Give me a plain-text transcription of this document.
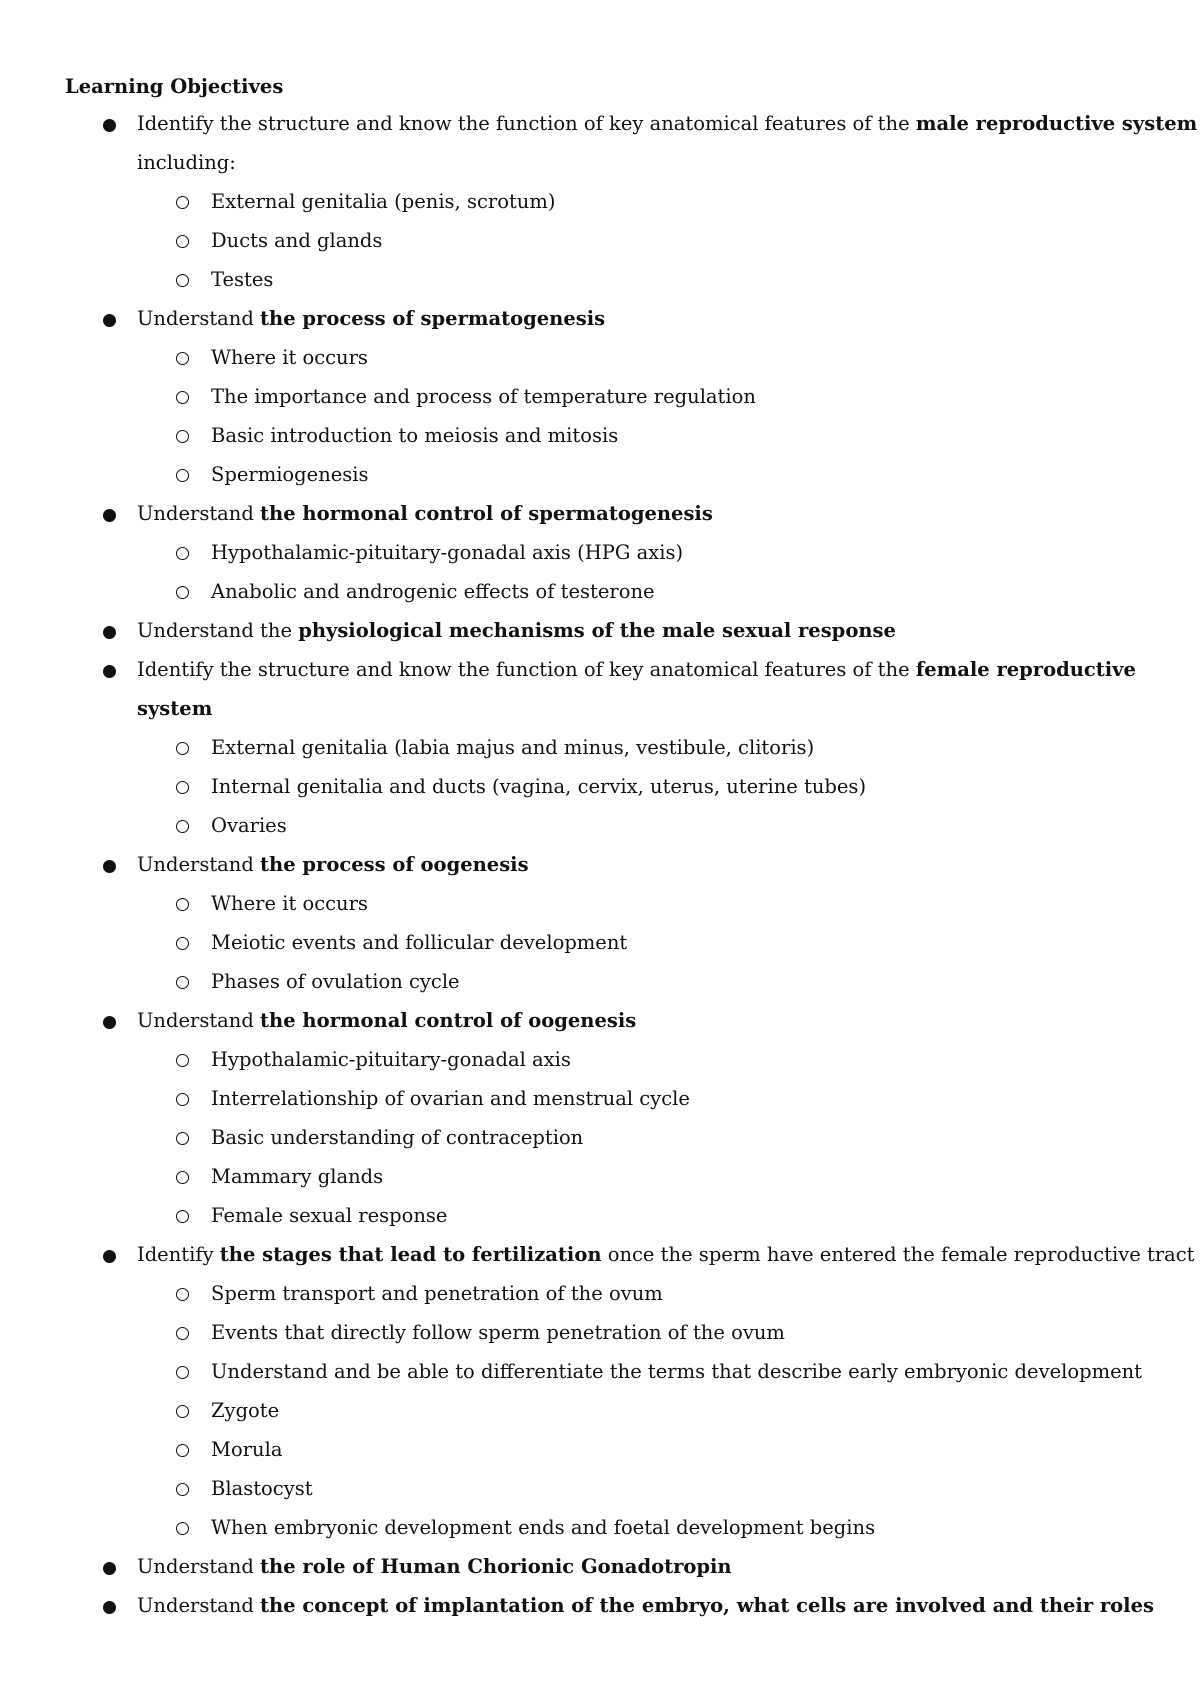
Learning Objectives
Identify the structure and know the function of key anatomical features of the male reproductive system
including:
External genitalia (penis, scrotum)
Ducts and glands
Testes
Understand the process of spermatogenesis
Where it occurs
The importance and process of temperature regulation
Basic introduction to meiosis and mitosis
Spermiogenesis
Understand the hormonal control of spermatogenesis
Hypothalamic-pituitary-gonadal axis (HPG axis)
Anabolic and androgenic effects of testerone
Understand the physiological mechanisms of the male sexual response
Identify the structure and know the function of key anatomical features of the female reproductive
system
External genitalia (labia majus and minus, vestibule, clitoris)
Internal genitalia and ducts (vagina, cervix, uterus, uterine tubes)
Ovaries
Understand the process of oogenesis
Where it occurs
Meiotic events and follicular development
Phases of ovulation cycle
Understand the hormonal control of oogenesis
Hypothalamic-pituitary-gonadal axis
Interrelationship of ovarian and menstrual cycle
Basic understanding of contraception
Mammary glands
Female sexual response
Identify the stages that lead to fertilization once the sperm have entered the female reproductive tract
Sperm transport and penetration of the ovum
Events that directly follow sperm penetration of the ovum
Understand and be able to differentiate the terms that describe early embryonic development
Zygote
Morula
Blastocyst
When embryonic development ends and foetal development begins
Understand the role of Human Chorionic Gonadotropin
Understand the concept of implantation of the embryo, what cells are involved and their roles
